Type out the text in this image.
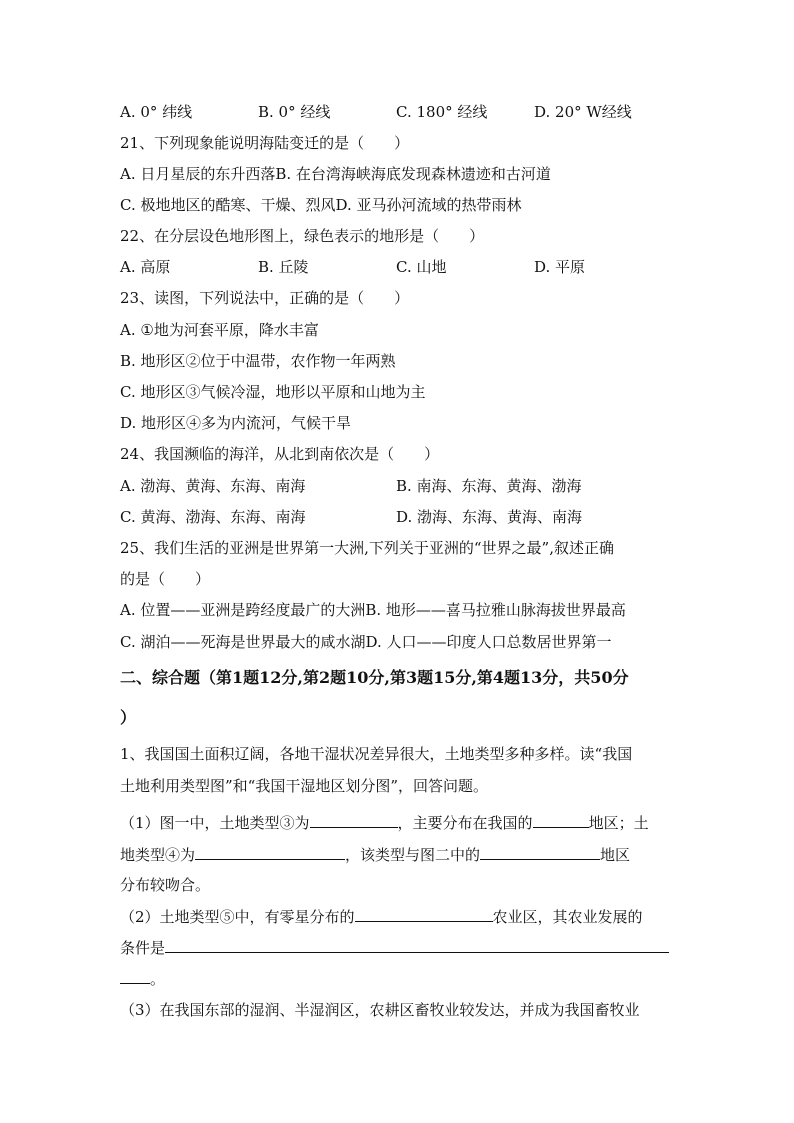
A. 0° 纬线	B. 0° 经线	C. 180° 经线	D. 20° W经线
21、下列现象能说明海陆变迁的是（　　）
A. 日月星辰的东升西落B. 在台湾海峡海底发现森林遗迹和古河道
C. 极地地区的酷寒、干燥、烈风D. 亚马孙河流域的热带雨林
22、在分层设色地形图上，绿色表示的地形是（　　）
A. 高原	B. 丘陵	C. 山地	D. 平原
23、读图，下列说法中，正确的是（　　）
A. ①地为河套平原，降水丰富
B. 地形区②位于中温带，农作物一年两熟
C. 地形区③气候冷湿，地形以平原和山地为主
D. 地形区④多为内流河，气候干旱
24、我国濒临的海洋，从北到南依次是（　　）
A. 渤海、黄海、东海、南海	B. 南海、东海、黄海、渤海
C. 黄海、渤海、东海、南海	D. 渤海、东海、黄海、南海
25、我们生活的亚洲是世界第一大洲,下列关于亚洲的“世界之最”,叙述正确
的是（　　）
A. 位置——亚洲是跨经度最广的大洲B. 地形——喜马拉雅山脉海拔世界最高
C. 湖泊——死海是世界最大的咸水湖D. 人口——印度人口总数居世界第一
二、综合题（第1题12分,第2题10分,第3题15分,第4题13分，共50分
）
1、我国国土面积辽阔，各地干湿状况差异很大，土地类型多种多样。读“我国
土地利用类型图”和“我国干湿地区划分图”，回答问题。
（1）图一中，土地类型③为	，主要分布在我国的	地区；土
地类型④为	，该类型与图二中的	地区
分布较吻合。
（2）土地类型⑤中，有零星分布的	农业区，其农业发展的
条件是
。
（3）在我国东部的湿润、半湿润区，农耕区畜牧业较发达，并成为我国畜牧业
